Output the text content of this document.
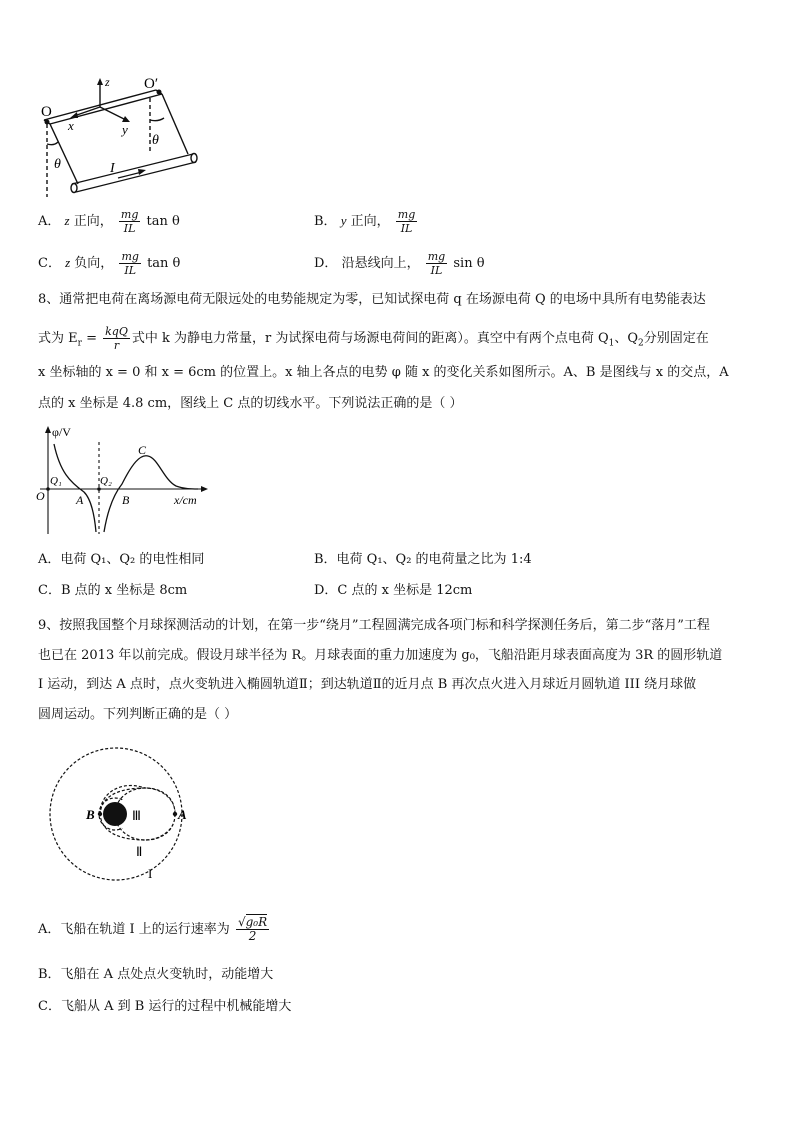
O
O′
x	y
z
θ
θ
I
A． z 正向， $\frac{mg}{IL}$ tan θ	B． y 正向， $\frac{mg}{IL}$
C． z 负向， $\frac{mg}{IL}$ tan θ	D． 沿悬线向上， $\frac{mg}{IL}$ sin θ
8、通常把电荷在离场源电荷无限远处的电势能规定为零，已知试探电荷 q 在场源电荷 Q 的电场中具所有电势能表达
式为 $E_r = \frac{\text{kqQ}}{r}$ 式中 k 为静电力常量，r 为试探电荷与场源电荷间的距离）。真空中有两个点电荷 $Q_1$、$Q_2$分别固定在
x 坐标轴的 x = 0 和 x = 6cm 的位置上。x 轴上各点的电势 φ 随 x 的变化关系如图所示。A、B 是图线与 x 的交点，A
点的 x 坐标是 4.8 cm，图线上 C 点的切线水平。下列说法正确的是（ ）
φ/V
x/cm
O
Q₁	Q₂
A	B
C
A．电荷 Q₁、Q₂ 的电性相同	B．电荷 Q₁、Q₂ 的电荷量之比为 1:4
C．B 点的 x 坐标是 8cm	D．C 点的 x 坐标是 12cm
9、按照我国整个月球探测活动的计划，在第一步“绕月”工程圆满完成各项门标和科学探测任务后，第二步“落月”工程
也已在 2013 年以前完成。假设月球半径为 R。月球表面的重力加速度为 g₀，飞船沿距月球表面高度为 3R 的圆形轨道
I 运动，到达 A 点时，点火变轨进入椭圆轨道Ⅱ；到达轨道Ⅱ的近月点 B 再次点火进入月球近月圆轨道 III 绕月球做
圆周运动。下列判断正确的是（ ）
B	A
Ⅲ
Ⅱ
I
A．飞船在轨道 I 上的运行速率为 $\frac{\text{√g₀R}}{2}$
B．飞船在 A 点处点火变轨时，动能增大
C．飞船从 A 到 B 运行的过程中机械能增大
